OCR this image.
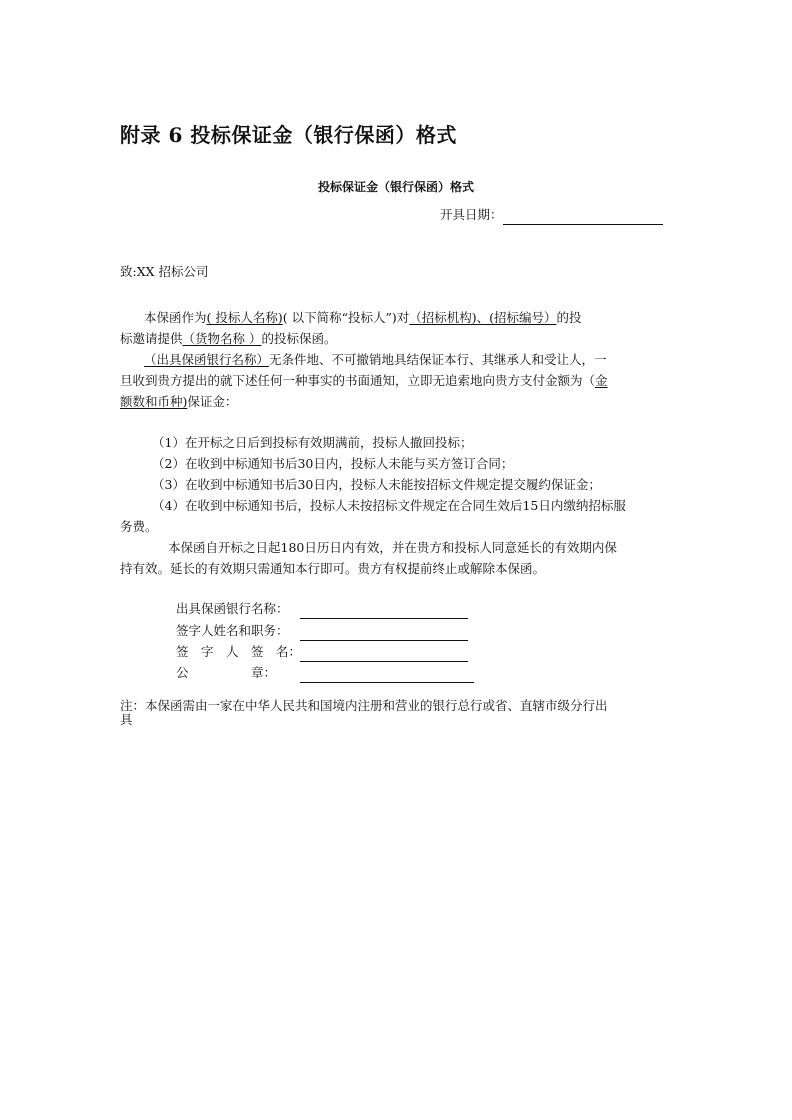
附录 6 投标保证金（银行保函）格式
投标保证金（银行保函）格式
开具日期：
致:XX 招标公司
本保函作为( 投标人名称)( 以下简称“投标人”)对（招标机构)、(招标编号）的投
标邀请提供（货物名称 ）的投标保函。
（出具保函银行名称）无条件地、不可撤销地具结保证本行、其继承人和受让人，一
旦收到贵方提出的就下述任何一种事实的书面通知，立即无追索地向贵方支付金额为（金
额数和币种)保证金：
（1）在开标之日后到投标有效期满前，投标人撤回投标；
（2）在收到中标通知书后30日内，投标人未能与买方签订合同；
（3）在收到中标通知书后30日内，投标人未能按招标文件规定提交履约保证金；
（4）在收到中标通知书后，投标人未按招标文件规定在合同生效后15日内缴纳招标服
务费。
本保函自开标之日起180日历日内有效，并在贵方和投标人同意延长的有效期内保
持有效。延长的有效期只需通知本行即可。贵方有权提前终止或解除本保函。
出具保函银行名称：
签字人姓名和职务：
签　字　人　签　名：
公　　　　　章：
注：本保函需由一家在中华人民共和国境内注册和营业的银行总行或省、直辖市级分行出
具
